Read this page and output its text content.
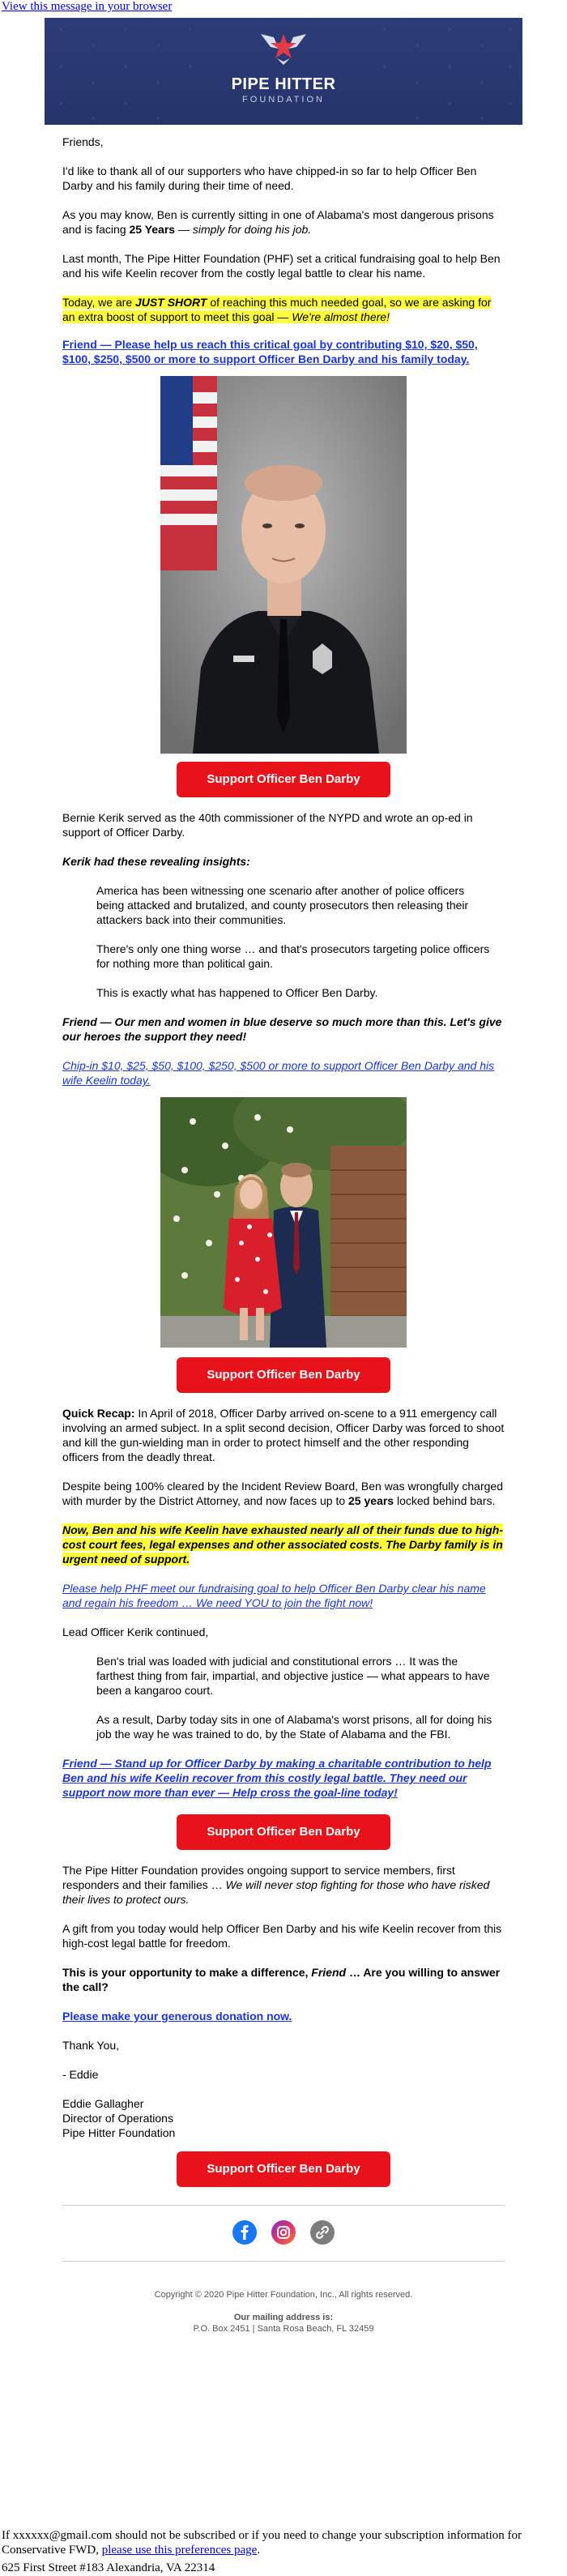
View this message in your browser
PIPE HITTER
FOUNDATION

Friends,

I'd like to thank all of our supporters who have chipped-in so far to help Officer Ben Darby and his family during their time of need.

As you may know, Ben is currently sitting in one of Alabama's most dangerous prisons and is facing 25 Years — simply for doing his job.

Last month, The Pipe Hitter Foundation (PHF) set a critical fundraising goal to help Ben and his wife Keelin recover from the costly legal battle to clear his name.

Today, we are JUST SHORT of reaching this much needed goal, so we are asking for an extra boost of support to meet this goal — We're almost there!

Friend — Please help us reach this critical goal by contributing $10, $20, $50, $100, $250, $500 or more to support Officer Ben Darby and his family today.

Support Officer Ben Darby

Bernie Kerik served as the 40th commissioner of the NYPD and wrote an op-ed in support of Officer Darby.

Kerik had these revealing insights:

America has been witnessing one scenario after another of police officers being attacked and brutalized, and county prosecutors then releasing their attackers back into their communities.

There's only one thing worse … and that's prosecutors targeting police officers for nothing more than political gain.

This is exactly what has happened to Officer Ben Darby.

Friend — Our men and women in blue deserve so much more than this. Let's give our heroes the support they need!

Chip-in $10, $25, $50, $100, $250, $500 or more to support Officer Ben Darby and his wife Keelin today.

Support Officer Ben Darby

Quick Recap: In April of 2018, Officer Darby arrived on-scene to a 911 emergency call involving an armed subject. In a split second decision, Officer Darby was forced to shoot and kill the gun-wielding man in order to protect himself and the other responding officers from the deadly threat.

Despite being 100% cleared by the Incident Review Board, Ben was wrongfully charged with murder by the District Attorney, and now faces up to 25 years locked behind bars.

Now, Ben and his wife Keelin have exhausted nearly all of their funds due to high-cost court fees, legal expenses and other associated costs. The Darby family is in urgent need of support.

Please help PHF meet our fundraising goal to help Officer Ben Darby clear his name and regain his freedom … We need YOU to join the fight now!

Lead Officer Kerik continued,

Ben's trial was loaded with judicial and constitutional errors … It was the farthest thing from fair, impartial, and objective justice — what appears to have been a kangaroo court.

As a result, Darby today sits in one of Alabama's worst prisons, all for doing his job the way he was trained to do, by the State of Alabama and the FBI.

Friend — Stand up for Officer Darby by making a charitable contribution to help Ben and his wife Keelin recover from this costly legal battle. They need our support now more than ever — Help cross the goal-line today!

Support Officer Ben Darby

The Pipe Hitter Foundation provides ongoing support to service members, first responders and their families … We will never stop fighting for those who have risked their lives to protect ours.

A gift from you today would help Officer Ben Darby and his wife Keelin recover from this high-cost legal battle for freedom.

This is your opportunity to make a difference, Friend … Are you willing to answer the call?

Please make your generous donation now.

Thank You,

- Eddie

Eddie Gallagher

Director of Operations

Pipe Hitter Foundation

Support Officer Ben Darby

Copyright © 2020 Pipe Hitter Foundation, Inc., All rights reserved.
Our mailing address is:
P.O. Box 2451 | Santa Rosa Beach, FL 32459
If xxxxxx@gmail.com should not be subscribed or if you need to change your subscription information for Conservative FWD, please use this preferences page.
625 First Street #183 Alexandria, VA 22314
